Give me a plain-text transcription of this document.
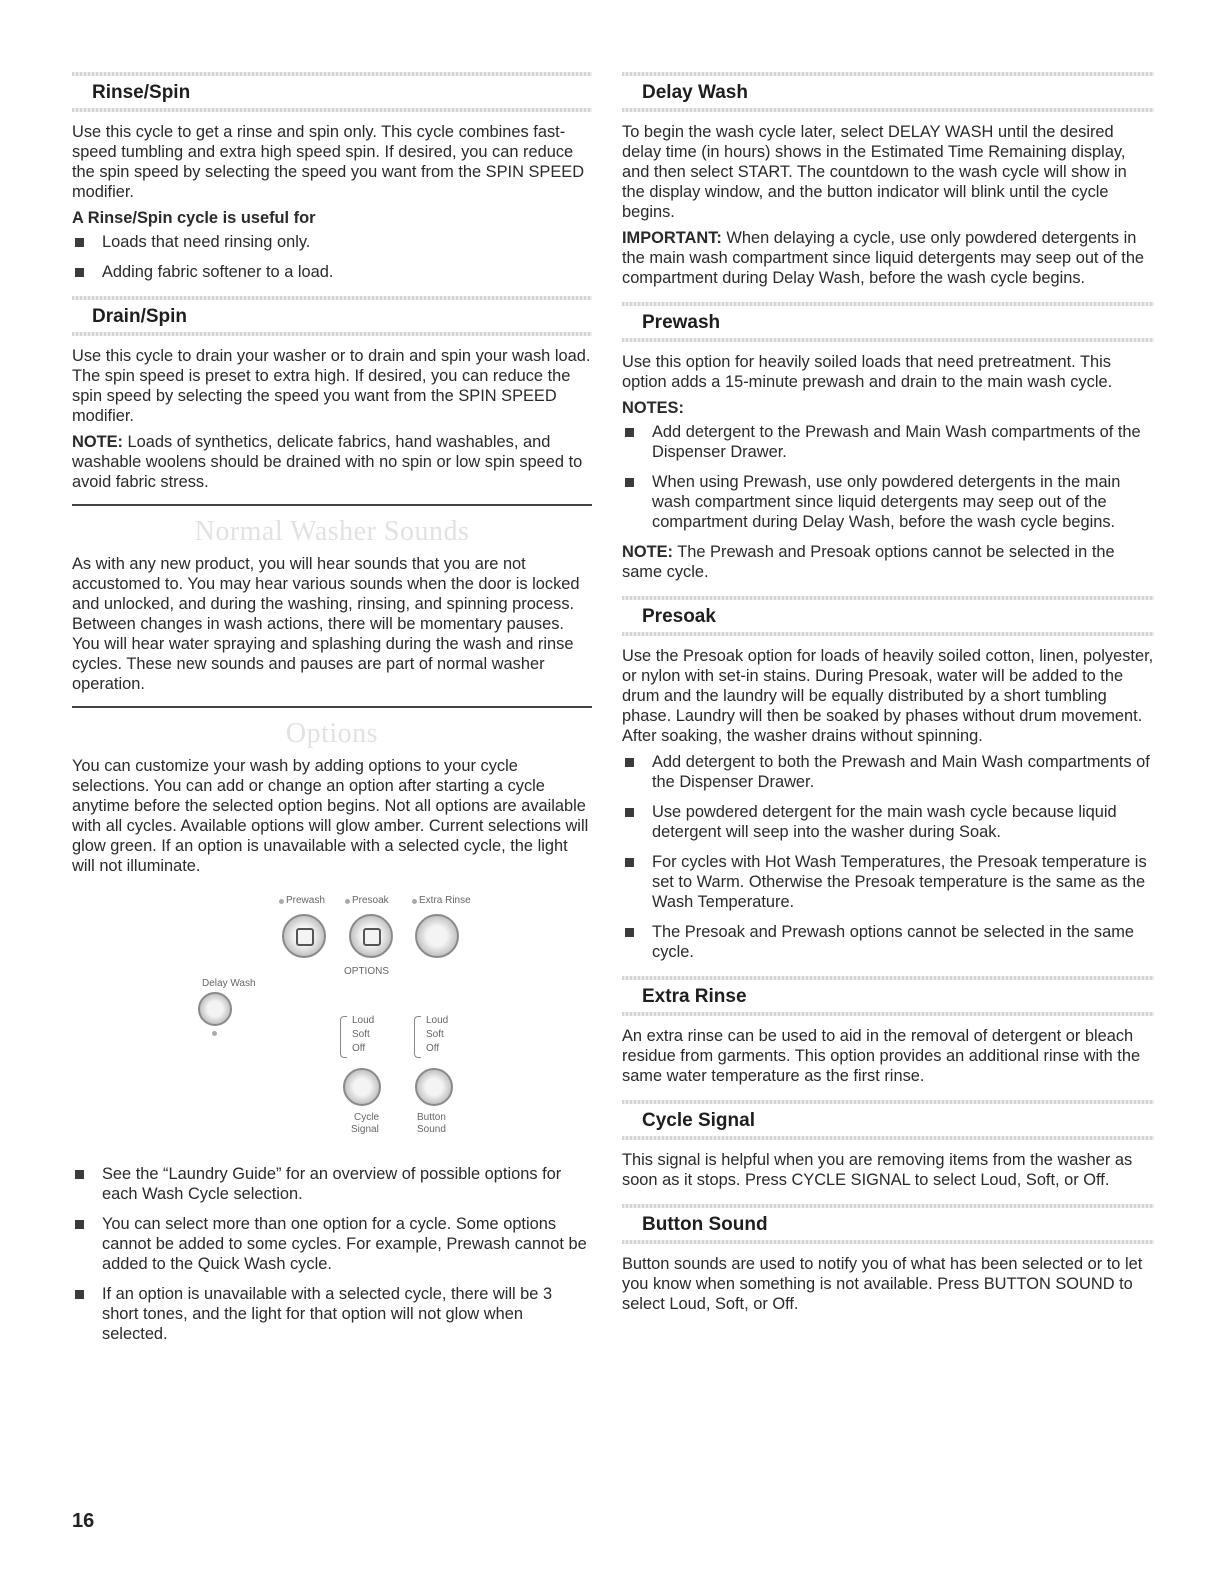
Rinse/Spin

Use this cycle to get a rinse and spin only. This cycle combines fast-speed tumbling and extra high speed spin. If desired, you can reduce the spin speed by selecting the speed you want from the SPIN SPEED modifier.

A Rinse/Spin cycle is useful for
Loads that need rinsing only.
Adding fabric softener to a load.
Drain/Spin

Use this cycle to drain your washer or to drain and spin your wash load. The spin speed is preset to extra high. If desired, you can reduce the spin speed by selecting the speed you want from the SPIN SPEED modifier.

NOTE: Loads of synthetics, delicate fabrics, hand washables, and washable woolens should be drained with no spin or low spin speed to avoid fabric stress.

Normal Washer Sounds

As with any new product, you will hear sounds that you are not accustomed to. You may hear various sounds when the door is locked and unlocked, and during the washing, rinsing, and spinning process. Between changes in wash actions, there will be momentary pauses. You will hear water spraying and splashing during the wash and rinse cycles. These new sounds and pauses are part of normal washer operation.

Options

You can customize your wash by adding options to your cycle selections. You can add or change an option after starting a cycle anytime before the selected option begins. Not all options are available with all cycles. Available options will glow amber. Current selections will glow green. If an option is unavailable with a selected cycle, the light will not illuminate.

Prewash	Presoak	Extra Rinse
OPTIONS
Delay Wash
Loud
Soft
Off
Loud
Soft
Off
Cycle
Signal
Button
Sound
See the “Laundry Guide” for an overview of possible options for each Wash Cycle selection.
You can select more than one option for a cycle. Some options cannot be added to some cycles. For example, Prewash cannot be added to the Quick Wash cycle.
If an option is unavailable with a selected cycle, there will be 3 short tones, and the light for that option will not glow when selected.
Delay Wash

To begin the wash cycle later, select DELAY WASH until the desired delay time (in hours) shows in the Estimated Time Remaining display, and then select START. The countdown to the wash cycle will show in the display window, and the button indicator will blink until the cycle begins.

IMPORTANT: When delaying a cycle, use only powdered detergents in the main wash compartment since liquid detergents may seep out of the compartment during Delay Wash, before the wash cycle begins.

Prewash

Use this option for heavily soiled loads that need pretreatment. This option adds a 15-minute prewash and drain to the main wash cycle.

NOTES:
Add detergent to the Prewash and Main Wash compartments of the Dispenser Drawer.
When using Prewash, use only powdered detergents in the main wash compartment since liquid detergents may seep out of the compartment during Delay Wash, before the wash cycle begins.

NOTE: The Prewash and Presoak options cannot be selected in the same cycle.

Presoak

Use the Presoak option for loads of heavily soiled cotton, linen, polyester, or nylon with set-in stains. During Presoak, water will be added to the drum and the laundry will be equally distributed by a short tumbling phase. Laundry will then be soaked by phases without drum movement. After soaking, the washer drains without spinning.

Add detergent to both the Prewash and Main Wash compartments of the Dispenser Drawer.
Use powdered detergent for the main wash cycle because liquid detergent will seep into the washer during Soak.
For cycles with Hot Wash Temperatures, the Presoak temperature is set to Warm. Otherwise the Presoak temperature is the same as the Wash Temperature.
The Presoak and Prewash options cannot be selected in the same cycle.
Extra Rinse

An extra rinse can be used to aid in the removal of detergent or bleach residue from garments. This option provides an additional rinse with the same water temperature as the first rinse.

Cycle Signal

This signal is helpful when you are removing items from the washer as soon as it stops. Press CYCLE SIGNAL to select Loud, Soft, or Off.

Button Sound

Button sounds are used to notify you of what has been selected or to let you know when something is not available. Press BUTTON SOUND to select Loud, Soft, or Off.

16
